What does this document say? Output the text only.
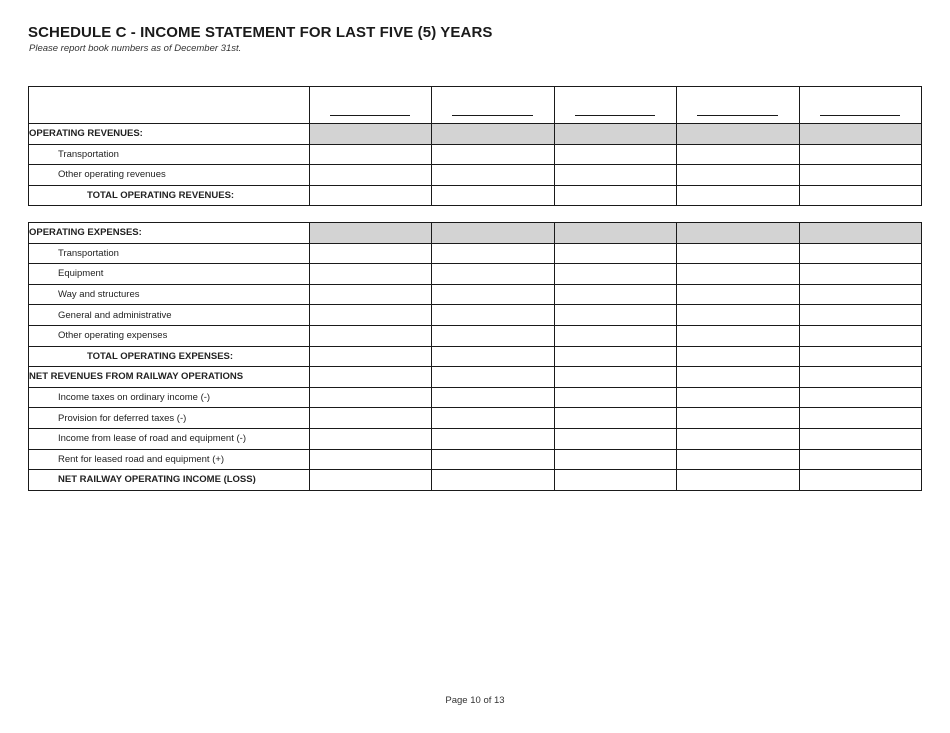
SCHEDULE C - INCOME STATEMENT FOR LAST FIVE (5) YEARS
Please report book numbers as of December 31st.

OPERATING REVENUES:					
Transportation					
Other operating revenues					
TOTAL OPERATING REVENUES:					
OPERATING EXPENSES:					
Transportation					
Equipment					
Way and structures					
General and administrative					
Other operating expenses					
TOTAL OPERATING EXPENSES:					
NET REVENUES FROM RAILWAY OPERATIONS					
Income taxes on ordinary income (-)					
Provision for deferred taxes (-)					
Income from lease of road and equipment (-)					
Rent for leased road and equipment (+)					
NET RAILWAY OPERATING INCOME (LOSS)					
Page 10 of 13
